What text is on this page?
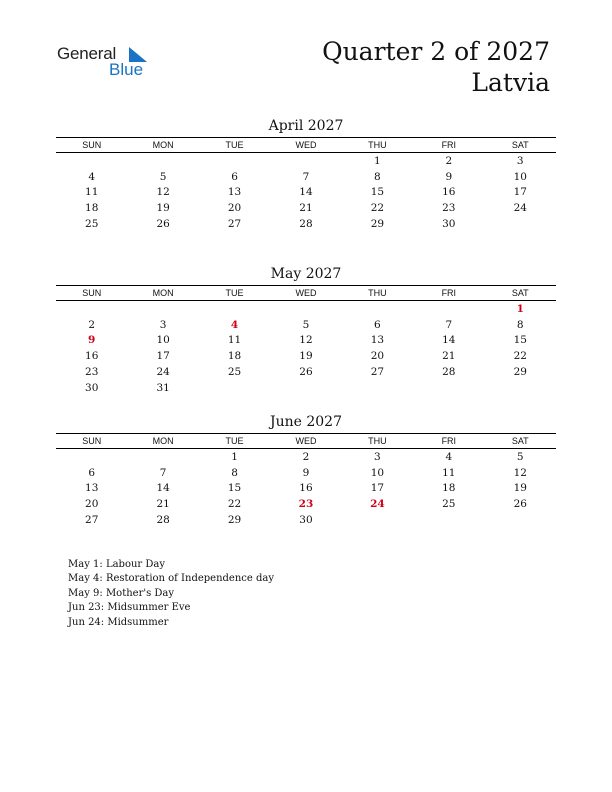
General
Blue
Quarter 2 of 2027
Latvia
April 2027
SUN	MON	TUE	WED	THU	FRI	SAT
				1	2	3
4	5	6	7	8	9	10
11	12	13	14	15	16	17
18	19	20	21	22	23	24
25	26	27	28	29	30	
May 2027
SUN	MON	TUE	WED	THU	FRI	SAT
						1
2	3	4	5	6	7	8
9	10	11	12	13	14	15
16	17	18	19	20	21	22
23	24	25	26	27	28	29
30	31					
June 2027
SUN	MON	TUE	WED	THU	FRI	SAT
		1	2	3	4	5
6	7	8	9	10	11	12
13	14	15	16	17	18	19
20	21	22	23	24	25	26
27	28	29	30			
May 1: Labour Day
May 4: Restoration of Independence day
May 9: Mother's Day
Jun 23: Midsummer Eve
Jun 24: Midsummer
